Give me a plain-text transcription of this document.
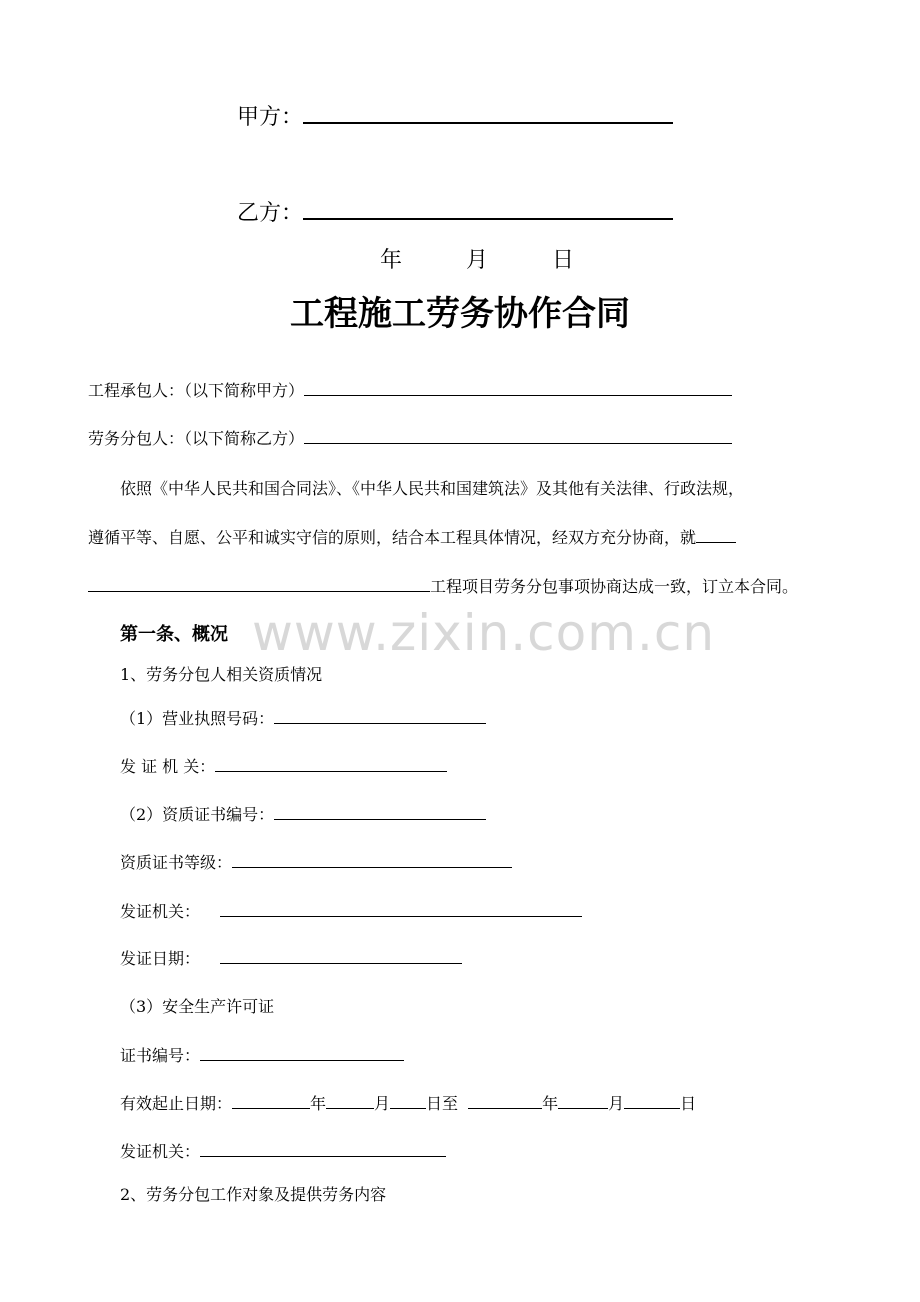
www.zixin.com.cn
甲方：
乙方：
年	月	日
工程施工劳务协作合同
工程承包人：（以下简称甲方）
劳务分包人：（以下简称乙方）
依照《中华人民共和国合同法》、《中华人民共和国建筑法》及其他有关法律、行政法规，
遵循平等、自愿、公平和诚实守信的原则，结合本工程具体情况，经双方充分协商，就
工程项目劳务分包事项协商达成一致，订立本合同。
第一条、概况
1、劳务分包人相关资质情况
（1）营业执照号码：
发 证 机 关：
（2）资质证书编号：
资质证书等级：
发证机关：
发证日期：
（3）安全生产许可证
证书编号：
有效起止日期：	年	月 日至	年	月	日
发证机关：
2、劳务分包工作对象及提供劳务内容
